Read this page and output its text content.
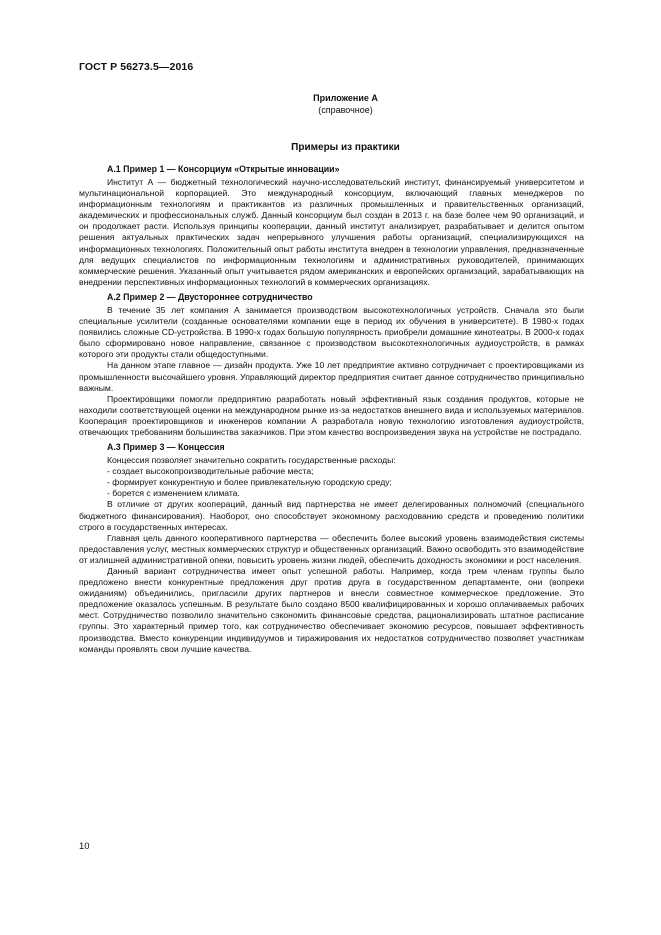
ГОСТ Р 56273.5—2016
Приложение А
(справочное)
Примеры из практики
А.1 Пример 1 — Консорциум «Открытые инновации»

Институт А — бюджетный технологический научно-исследовательский институт, финансируемый университетом и мультинациональной корпорацией. Это международный консорциум, включающий главных менеджеров по информационным технологиям и практикантов из различных промышленных и правительственных организаций, академических и профессиональных служб. Данный консорциум был создан в 2013 г. на базе более чем 90 организаций, и он продолжает расти. Используя принципы кооперации, данный институт анализирует, разрабатывает и делится опытом решения актуальных практических задач непрерывного улучшения работы организаций, специализирующихся на информационных технологиях. Положительный опыт работы института внедрен в технологии управления, предназначенные для ведущих специалистов по информационным технологиям и административных руководителей, принимающих коммерческие решения. Указанный опыт учитывается рядом американских и европейских организаций, зарабатывающих на внедрении перспективных информационных технологий в коммерческих организациях.

А.2 Пример 2 — Двустороннее сотрудничество

В течение 35 лет компания А занимается производством высокотехнологичных устройств. Сначала это были специальные усилители (созданные основателями компании еще в период их обучения в университете). В 1980-х годах появились сложные CD-устройства. В 1990-х годах большую популярность приобрели домашние кинотеатры. В 2000-х годах было сформировано новое направление, связанное с производством высокотехнологичных аудиоустройств, в рамках которого эти продукты стали общедоступными.

На данном этапе главное — дизайн продукта. Уже 10 лет предприятие активно сотрудничает с проектировщиками из промышленности высочайшего уровня. Управляющий директор предприятия считает данное сотрудничество принципиально важным.

Проектировщики помогли предприятию разработать новый эффективный язык создания продуктов, которые не находили соответствующей оценки на международном рынке из-за недостатков внешнего вида и используемых материалов. Кооперация проектировщиков и инженеров компании А разработала новую технологию изготовления аудиоустройств, отвечающих требованиям большинства заказчиков. При этом качество воспроизведения звука на устройстве не пострадало.

А.3 Пример 3 — Концессия

Концессия позволяет значительно сократить государственные расходы:

- создает высокопроизводительные рабочие места;

- формирует конкурентную и более привлекательную городскую среду;

- борется с изменением климата.

В отличие от других коопераций, данный вид партнерства не имеет делегированных полномочий (специального бюджетного финансирования). Наоборот, оно способствует экономному расходованию средств и проведению политики строго в государственных интересах.

Главная цель данного кооперативного партнерства — обеспечить более высокий уровень взаимодействия системы предоставления услуг, местных коммерческих структур и общественных организаций. Важно освободить это взаимодействие от излишней административной опеки, повысить уровень жизни людей, обеспечить доходность экономики и рост населения.

Данный вариант сотрудничества имеет опыт успешной работы. Например, когда трем членам группы было предложено внести конкурентные предложения друг против друга в государственном департаменте, они (вопреки ожиданиям) объединились, пригласили других партнеров и внесли совместное коммерческое предложение. Это предложение оказалось успешным. В результате было создано 8500 квалифицированных и хорошо оплачиваемых рабочих мест. Сотрудничество позволило значительно сэкономить финансовые средства, рационализировать штатное расписание группы. Это характерный пример того, как сотрудничество обеспечивает экономию ресурсов, повышает эффективность производства. Вместо конкуренции индивидуумов и тиражирования их недостатков сотрудничество позволяет участникам команды проявлять свои лучшие качества.

10
